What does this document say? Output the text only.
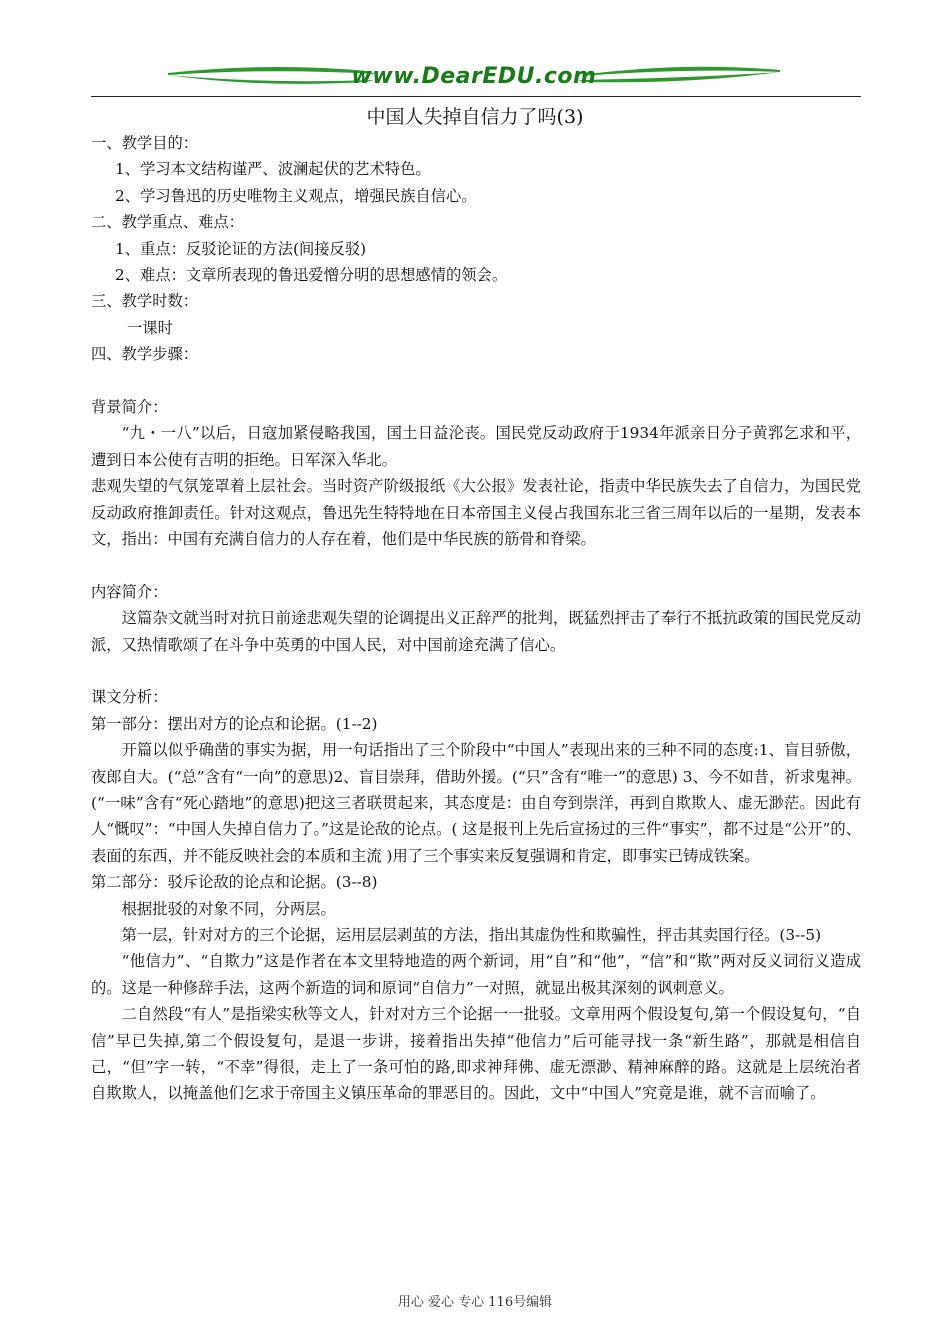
www.DearEDU.com
中国人失掉自信力了吗(3)
一、教学目的：
1、学习本文结构谨严、波澜起伏的艺术特色。
2、学习鲁迅的历史唯物主义观点，增强民族自信心。
二、教学重点、难点：
1、重点：反驳论证的方法(间接反驳)
2、难点：文章所表现的鲁迅爱憎分明的思想感情的领会。
三、教学时数：
一课时
四、教学步骤：
背景简介：
“九・一八”以后，日寇加紧侵略我国，国土日益沦丧。国民党反动政府于1934年派亲日分子黄郛乞求和平，遭到日本公使有吉明的拒绝。日军深入华北。
悲观失望的气氛笼罩着上层社会。当时资产阶级报纸《大公报》发表社论，指责中华民族失去了自信力，为国民党反动政府推卸责任。针对这观点，鲁迅先生特特地在日本帝国主义侵占我国东北三省三周年以后的一星期，发表本文，指出：中国有充满自信力的人存在着，他们是中华民族的筋骨和脊梁。
内容简介：
这篇杂文就当时对抗日前途悲观失望的论调提出义正辞严的批判，既猛烈抨击了奉行不抵抗政策的国民党反动派，又热情歌颂了在斗争中英勇的中国人民，对中国前途充满了信心。
课文分析：
第一部分：摆出对方的论点和论据。(1--2)
开篇以似乎确凿的事实为据，用一句话指出了三个阶段中“中国人”表现出来的三种不同的态度:1、盲目骄傲，夜郎自大。(“总”含有“一向”的意思)2、盲目崇拜，借助外援。(“只”含有“唯一”的意思) 3、今不如昔，祈求鬼神。(“一味”含有“死心踏地”的意思)把这三者联贯起来，其态度是：由自夸到崇洋，再到自欺欺人、虚无渺茫。因此有人“慨叹”：“中国人失掉自信力了。”这是论敌的论点。( 这是报刊上先后宣扬过的三件“事实”，都不过是“公开”的、表面的东西，并不能反映社会的本质和主流 )用了三个事实来反复强调和肯定，即事实已铸成铁案。
第二部分：驳斥论敌的论点和论据。(3--8)
根据批驳的对象不同，分两层。
第一层，针对对方的三个论据，运用层层剥茧的方法，指出其虚伪性和欺骗性，抨击其卖国行径。(3--5)
“他信力”、“自欺力”这是作者在本文里特地造的两个新词，用“自”和“他”，“信”和“欺”两对反义词衍义造成的。这是一种修辞手法，这两个新造的词和原词“自信力”一对照，就显出极其深刻的讽刺意义。
二自然段“有人”是指梁实秋等文人，针对对方三个论据一一批驳。文章用两个假设复句,第一个假设复句，“自信”早已失掉,第二个假设复句，是退一步讲，接着指出失掉“他信力”后可能寻找一条“新生路”，那就是相信自己，“但”字一转，“不幸”得很，走上了一条可怕的路,即求神拜佛、虚无漂渺、精神麻醉的路。这就是上层统治者自欺欺人，以掩盖他们乞求于帝国主义镇压革命的罪恶目的。因此，文中“中国人”究竟是谁，就不言而喻了。
用心 爱心 专心 116号编辑
